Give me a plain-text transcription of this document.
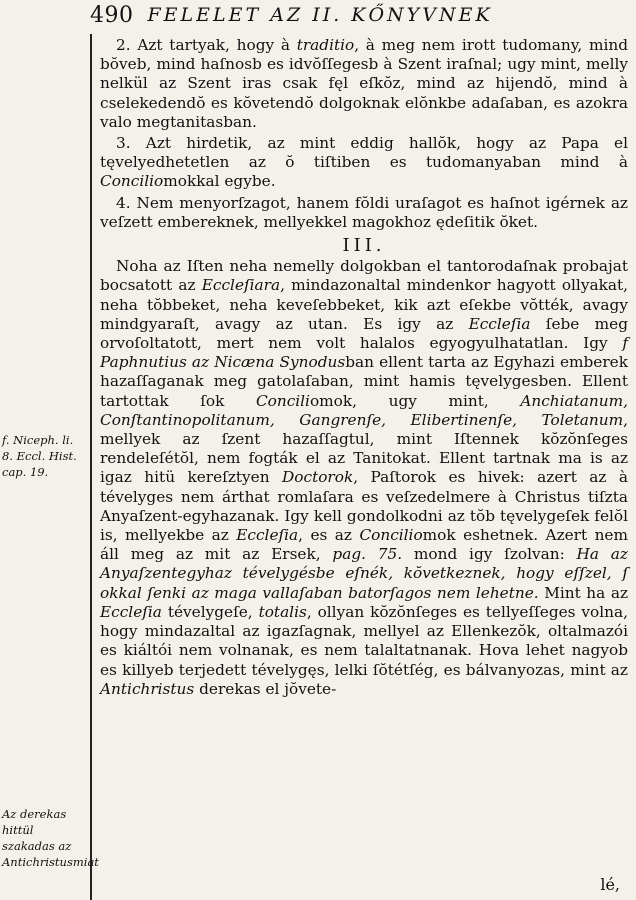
490 FELELET AZ II. KŐNYVNEK
f. Niceph. li. 8. Eccl. Hist. cap. 19.
Az derekas hittül szakadas az Antichristusmiat

2. Azt tartyak, hogy à traditio, à meg nem irott tudomany, mind bŏveb, mind haſnosb es idvŏſſegesb à Szent iraſnal; ugy mint, melly nelkül az Szent iras csak fęl eſkŏz, mind az hijendŏ, mind à cselekedendŏ es kŏvetendŏ dolgoknak elŏnkbe adaſaban, es azokra valo megtanitasban.

3. Azt hirdetik, az mint eddig hallŏk, hogy az Papa el tęvelyedhetetlen az ŏ tiſtiben es tudomanyaban mind à Conciliomokkal egybe.

4. Nem menyorſzagot, hanem fŏldi uraſagot es haſnot igérnek az veſzett embereknek, mellyekkel magokhoz ędeſitik ŏket.

III.

Noha az Iſten neha nemelly dolgokban el tantorodaſnak probajat bocsatott az Eccleſiara, mindazonaltal mindenkor hagyott ollyakat, neha tŏbbeket, neha keveſebbeket, kik azt eſekbe vŏtték, avagy mindgyaraſt, avagy az utan. Es igy az Eccleſia ſebe meg orvoſoltatott, mert nem volt halalos egyogyulhatatlan. Igy f Paphnutius az Nicæna Synodusban ellent tarta az Egyhazi emberek hazaſſaganak meg gatolaſaban, mint hamis tęvelygesben. Ellent tartottak ſok Conciliomok, ugy mint, Anchiatanum, Conſtantinopolitanum, Gangrenſe, Elibertinenſe, Toletanum, mellyek az ſzent hazaſſagtul, mint Iſtennek kŏzŏnſeges rendeleſétŏl, nem fogták el az Tanitokat. Ellent tartnak ma is az igaz hitü kereſztyen Doctorok, Paſtorok es hivek: azert az à tévelyges nem árthat romlaſara es veſzedelmere à Christus tiſzta Anyaſzent-egyhazanak. Igy kell gondolkodni az tŏb tęvelygeſek felŏl is, mellyekbe az Eccleſia, es az Conciliomok eshetnek. Azert nem áll meg az mit az Ersek, pag. 75. mond igy ſzolvan: Ha az Anyaſzentegyhaz tévelygésbe eſnék, kŏvetkeznek, hogy eſſzel, ſ okkal ſenki az maga vallaſaban batorſagos nem lehetne. Mint ha az Eccleſia tévelygeſe, totalis, ollyan kŏzŏnſeges es tellyeſſeges volna, hogy mindazaltal az igazſagnak, mellyel az Ellenkezŏk, oltalmazói es kiáltói nem volnanak, es nem talaltatnanak. Hova lehet nagyob es killyeb terjedett tévelygęs, lelki ſŏtétſég, es bálvanyozas, mint az Antichristus derekas el jŏvete-

lé,
